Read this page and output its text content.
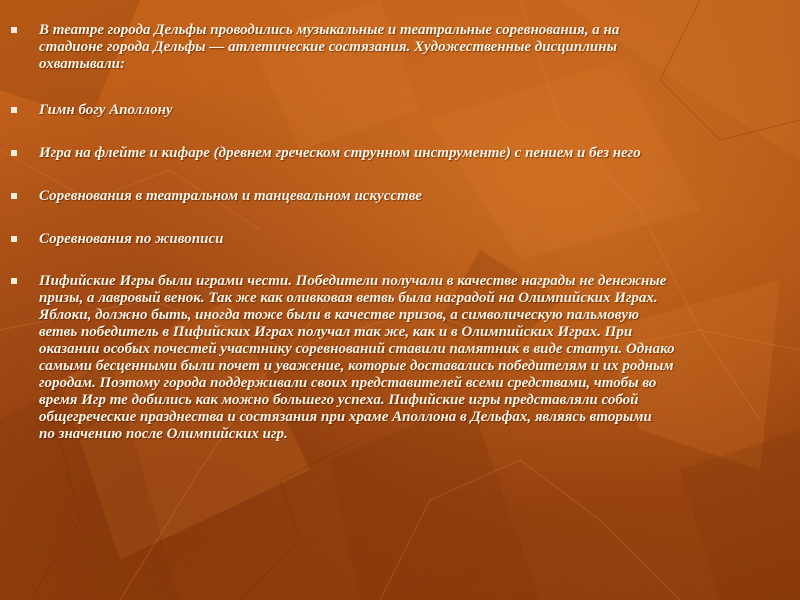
В театре города Дельфы проводились музыкальные и театральные соревнования, а на
стадионе города Дельфы — атлетические состязания. Художественные дисциплины
охватывали:
Гимн богу Аполлону
Игра на флейте и кифаре (древнем греческом струнном инструменте) с пением и без него
Соревнования в театральном и танцевальном искусстве
Соревнования по живописи
Пифийские Игры были играми чести. Победители получали в качестве награды не денежные
призы, а лавровый венок. Так же как оливковая ветвь была наградой на Олимпийских Играх.
Яблоки, должно быть, иногда тоже были в качестве призов, а символическую пальмовую
ветвь победитель в Пифийских Играх получал так же, как и в Олимпийских Играх. При
оказании особых почестей участнику соревнований ставили памятник в виде статуи. Однако
самыми бесценными были почет и уважение, которые доставались победителям и их родным
городам. Поэтому города поддерживали своих представителей всеми средствами, чтобы во
время Игр те добились как можно большего успеха. Пифийские игры представляли собой
общегреческие празднества и состязания при храме Аполлона в Дельфах, являясь вторыми
по значению после Олимпийских игр.
